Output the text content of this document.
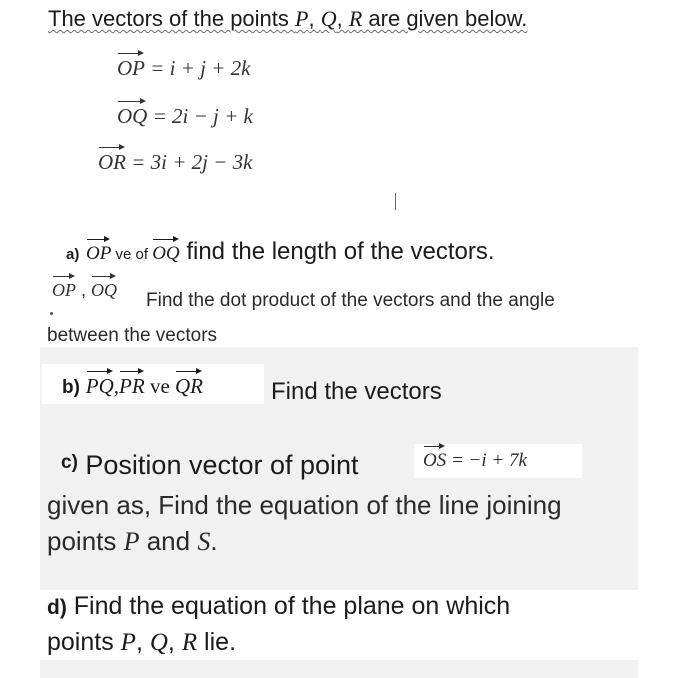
The vectors of the points P, Q, R are given below.
OP = i + j + 2k
OQ = 2i − j + k
OR = 3i + 2j − 3k
a) OP ve of OQ find the length of the vectors.
OP , OQ Find the dot product of the vectors and the angle
between the vectors
b) PQ,PR ve QR	Find the vectors
$^{c)}$ Position vector of point	OS = −i + 7k
given as, Find the equation of the line joining
points P and S.
d) Find the equation of the plane on which
points P, Q, R lie.
